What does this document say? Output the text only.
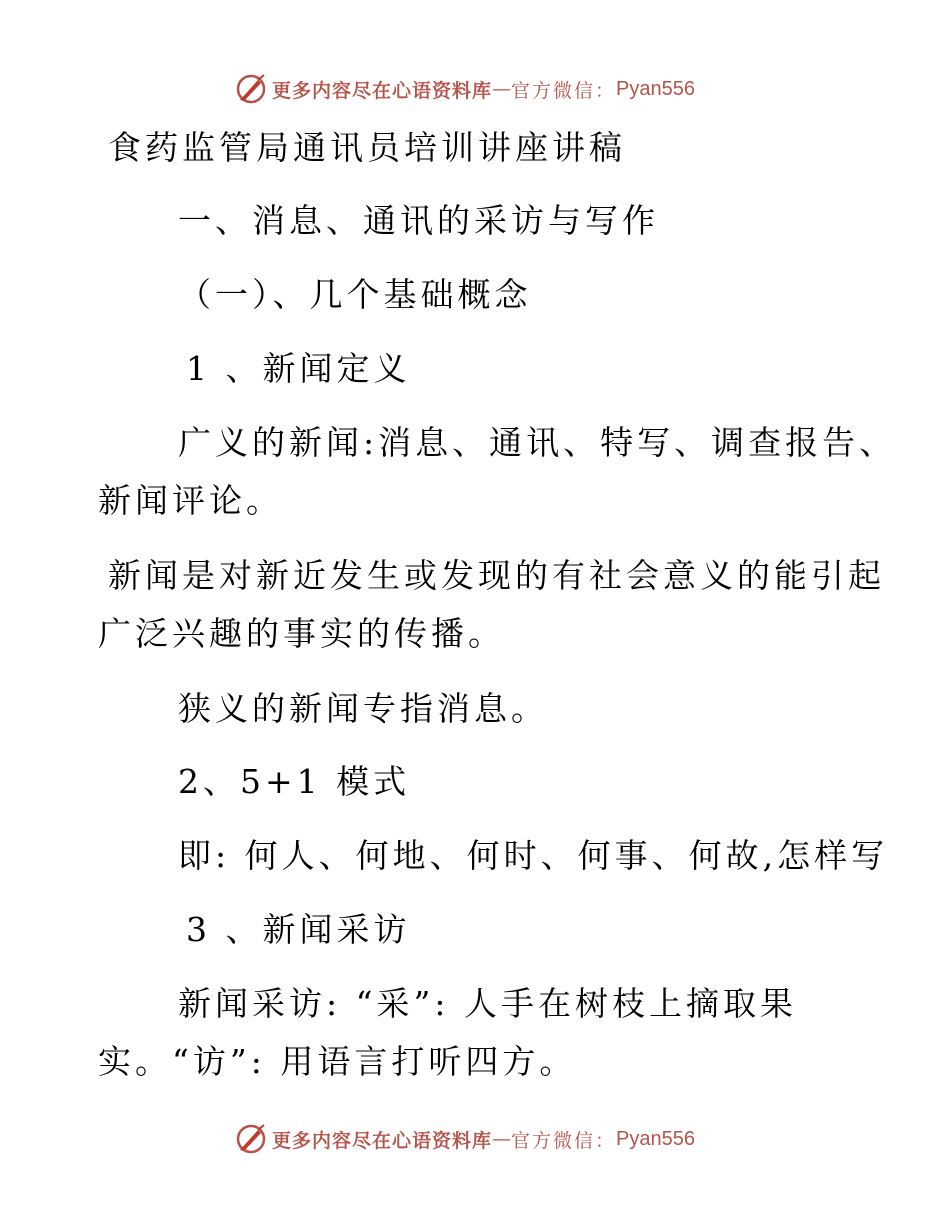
更多内容尽在心语资料库 — 官方微信： Pyan556
食药监管局通讯员培训讲座讲稿
一、消息、通讯的采访与写作
（一）、几个基础概念
1 、新闻定义
广义的新闻:消息、通讯、特写、调查报告、
新闻评论。
新闻是对新近发生或发现的有社会意义的能引起
广泛兴趣的事实的传播。
狭义的新闻专指消息。
2、5+1 模式
即: 何人、何地、何时、何事、何故,怎样写
3 、新闻采访
新闻采访: “采”: 人手在树枝上摘取果
实。“访”: 用语言打听四方。
更多内容尽在心语资料库 — 官方微信： Pyan556
